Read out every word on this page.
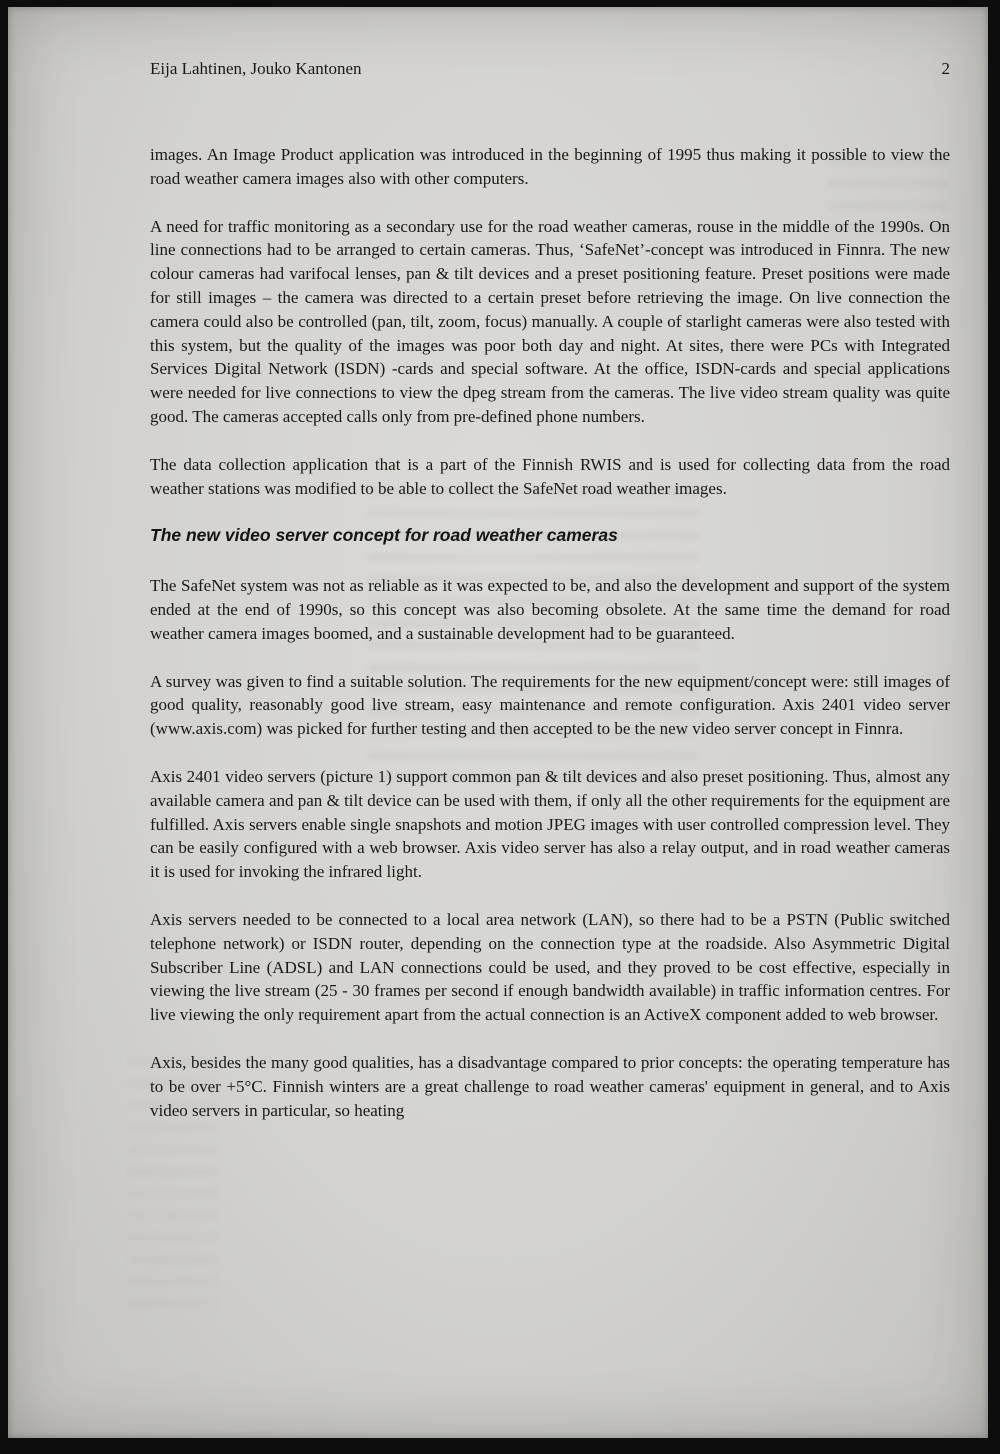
Eija Lahtinen, Jouko Kantonen	2

images. An Image Product application was introduced in the beginning of 1995 thus making it possible to view the road weather camera images also with other computers.

A need for traffic monitoring as a secondary use for the road weather cameras, rouse in the middle of the 1990s. On line connections had to be arranged to certain cameras. Thus, ‘SafeNet’-concept was introduced in Finnra. The new colour cameras had varifocal lenses, pan & tilt devices and a preset positioning feature. Preset positions were made for still images – the camera was directed to a certain preset before retrieving the image. On live connection the camera could also be controlled (pan, tilt, zoom, focus) manually. A couple of starlight cameras were also tested with this system, but the quality of the images was poor both day and night. At sites, there were PCs with Integrated Services Digital Network (ISDN) -cards and special software. At the office, ISDN-cards and special applications were needed for live connections to view the dpeg stream from the cameras. The live video stream quality was quite good. The cameras accepted calls only from pre-defined phone numbers.

The data collection application that is a part of the Finnish RWIS and is used for collecting data from the road weather stations was modified to be able to collect the SafeNet road weather images.

The new video server concept for road weather cameras

The SafeNet system was not as reliable as it was expected to be, and also the development and support of the system ended at the end of 1990s, so this concept was also becoming obsolete. At the same time the demand for road weather camera images boomed, and a sustainable development had to be guaranteed.

A survey was given to find a suitable solution. The requirements for the new equipment/concept were: still images of good quality, reasonably good live stream, easy maintenance and remote configuration. Axis 2401 video server (www.axis.com) was picked for further testing and then accepted to be the new video server concept in Finnra.

Axis 2401 video servers (picture 1) support common pan & tilt devices and also preset positioning. Thus, almost any available camera and pan & tilt device can be used with them, if only all the other requirements for the equipment are fulfilled. Axis servers enable single snapshots and motion JPEG images with user controlled compression level. They can be easily configured with a web browser. Axis video server has also a relay output, and in road weather cameras it is used for invoking the infrared light.

Axis servers needed to be connected to a local area network (LAN), so there had to be a PSTN (Public switched telephone network) or ISDN router, depending on the connection type at the roadside. Also Asymmetric Digital Subscriber Line (ADSL) and LAN connections could be used, and they proved to be cost effective, especially in viewing the live stream (25 - 30 frames per second if enough bandwidth available) in traffic information centres. For live viewing the only requirement apart from the actual connection is an ActiveX component added to web browser.

Axis, besides the many good qualities, has a disadvantage compared to prior concepts: the operating temperature has to be over +5°C. Finnish winters are a great challenge to road weather cameras' equipment in general, and to Axis video servers in particular, so heating
